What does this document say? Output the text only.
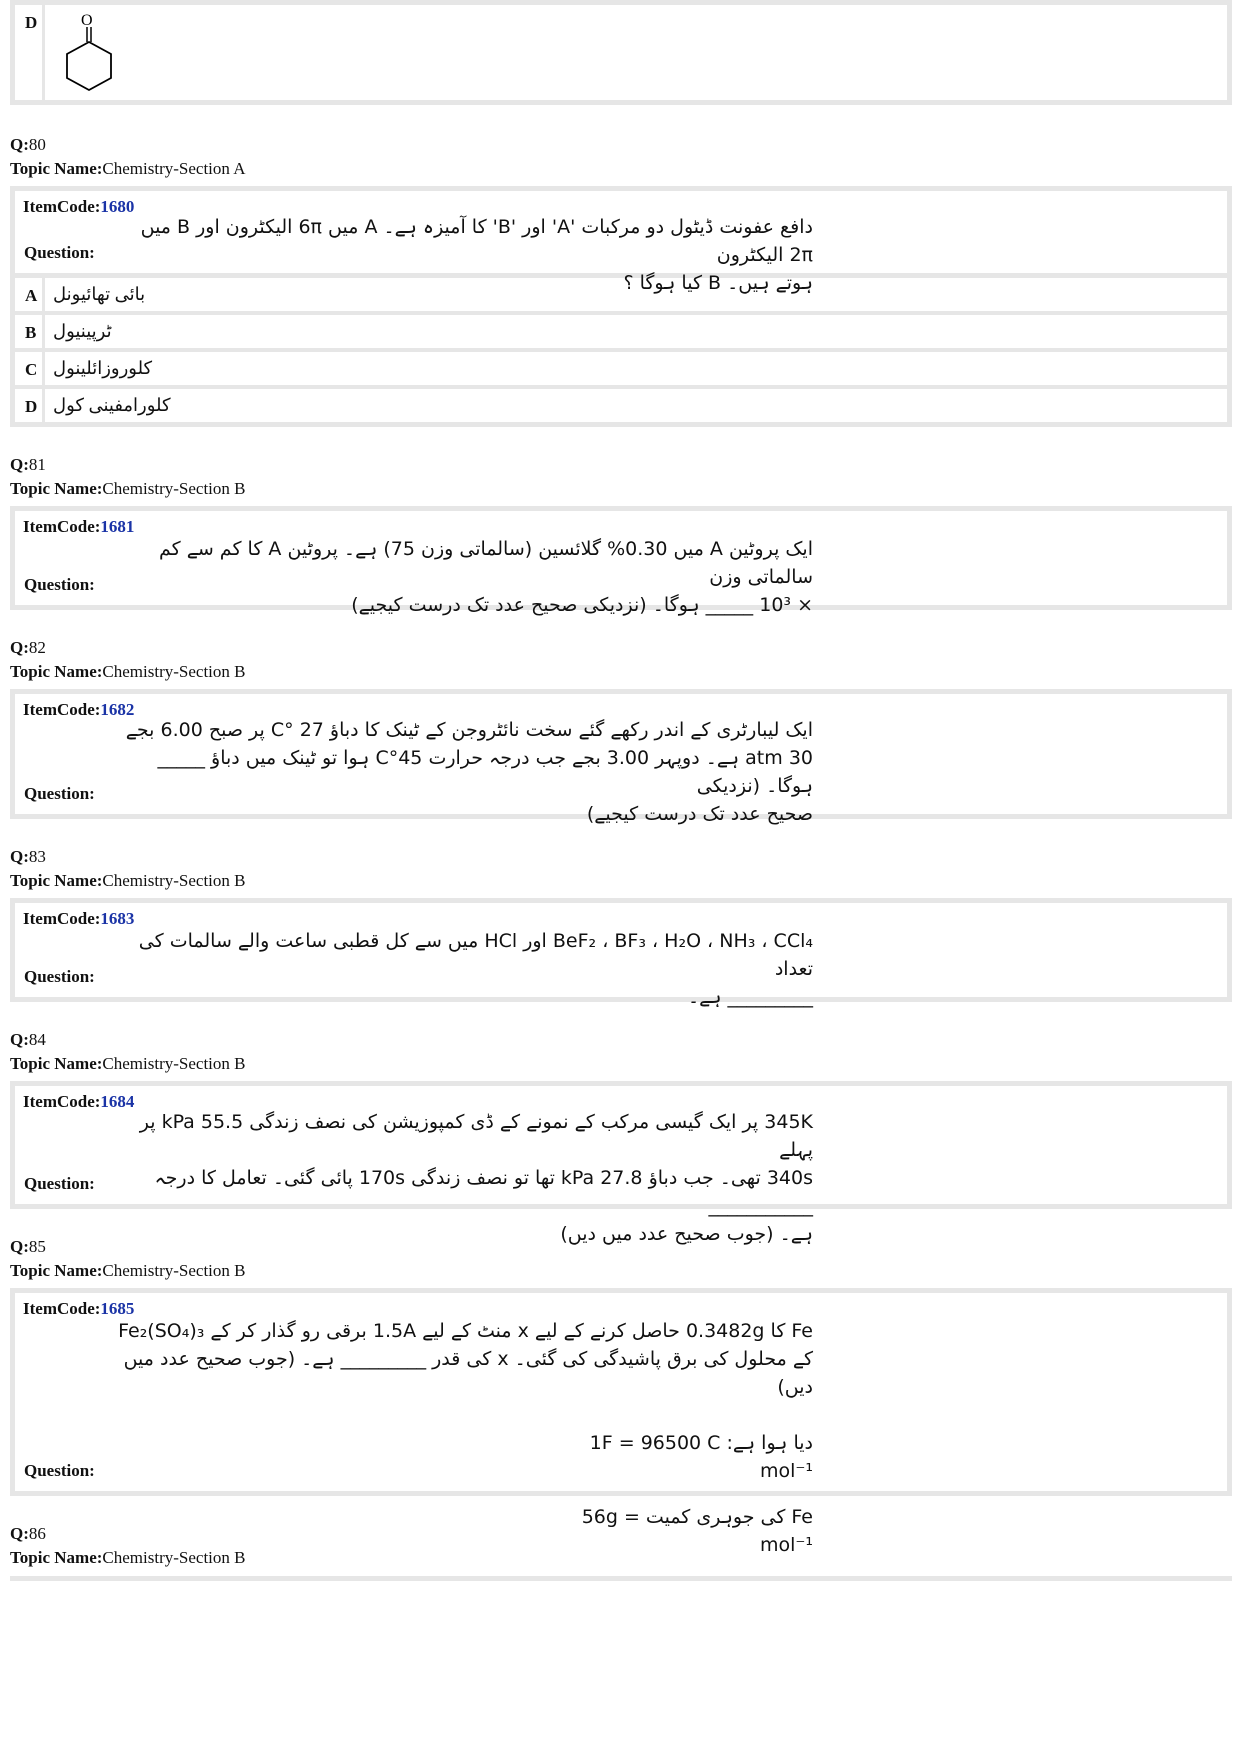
D	O
Q:80
Topic Name:Chemistry-Section A
ItemCode:1680
دافع عفونت ڈیٹول دو مرکبات 'A' اور 'B' کا آمیزہ ہے۔ A میں 6π الیکٹرون اور B میں 2π الیکٹرون
ہوتے ہیں۔ B کیا ہوگا ؟
Question:
A بائی تھائیونل
B ٹرپینیول
C کلوروزائلینول
D کلورامفینی کول
Q:81
Topic Name:Chemistry-Section B
ItemCode:1681
ایک پروٹین A میں 0.30% گلائسین (سالماتی وزن 75) ہے۔ پروٹین A کا کم سے کم سالماتی وزن
× 10³ _____ ہوگا۔ (نزدیکی صحیح عدد تک درست کیجیے)
Question:
Q:82
Topic Name:Chemistry-Section B
ItemCode:1682
ایک لیبارٹری کے اندر رکھے گئے سخت نائٹروجن کے ٹینک کا دباؤ 27 °C پر صبح 6.00 بجے
30 atm ہے۔ دوپہر 3.00 بجے جب درجہ حرارت 45°C ہوا تو ٹینک میں دباؤ _____ ہوگا۔ (نزدیکی
صحیح عدد تک درست کیجیے)
Question:
Q:83
Topic Name:Chemistry-Section B
ItemCode:1683
BeF₂ ، BF₃ ، H₂O ، NH₃ ، CCl₄ اور HCl میں سے کل قطبی ساعت والے سالمات کی تعداد
_________ ہے۔
Question:
Q:84
Topic Name:Chemistry-Section B
ItemCode:1684
345K پر ایک گیسی مرکب کے نمونے کے ڈی کمپوزیشن کی نصف زندگی 55.5 kPa پر پہلے
340s تھی۔ جب دباؤ 27.8 kPa تھا تو نصف زندگی 170s پائی گئی۔ تعامل کا درجہ ___________
ہے۔ (جوب صحیح عدد میں دیں)
Question:
Q:85
Topic Name:Chemistry-Section B
ItemCode:1685
Fe کا 0.3482g حاصل کرنے کے لیے x منٹ کے لیے 1.5A برقی رو گذار کر کے Fe₂(SO₄)₃
کے محلول کی برق پاشیدگی کی گئی۔ x کی قدر _________ ہے۔ (جوب صحیح عدد میں دیں)
دیا ہوا ہے: 1F = 96500 C mol⁻¹
Fe کی جوہری کمیت = 56g mol⁻¹
Question:
Q:86
Topic Name:Chemistry-Section B
